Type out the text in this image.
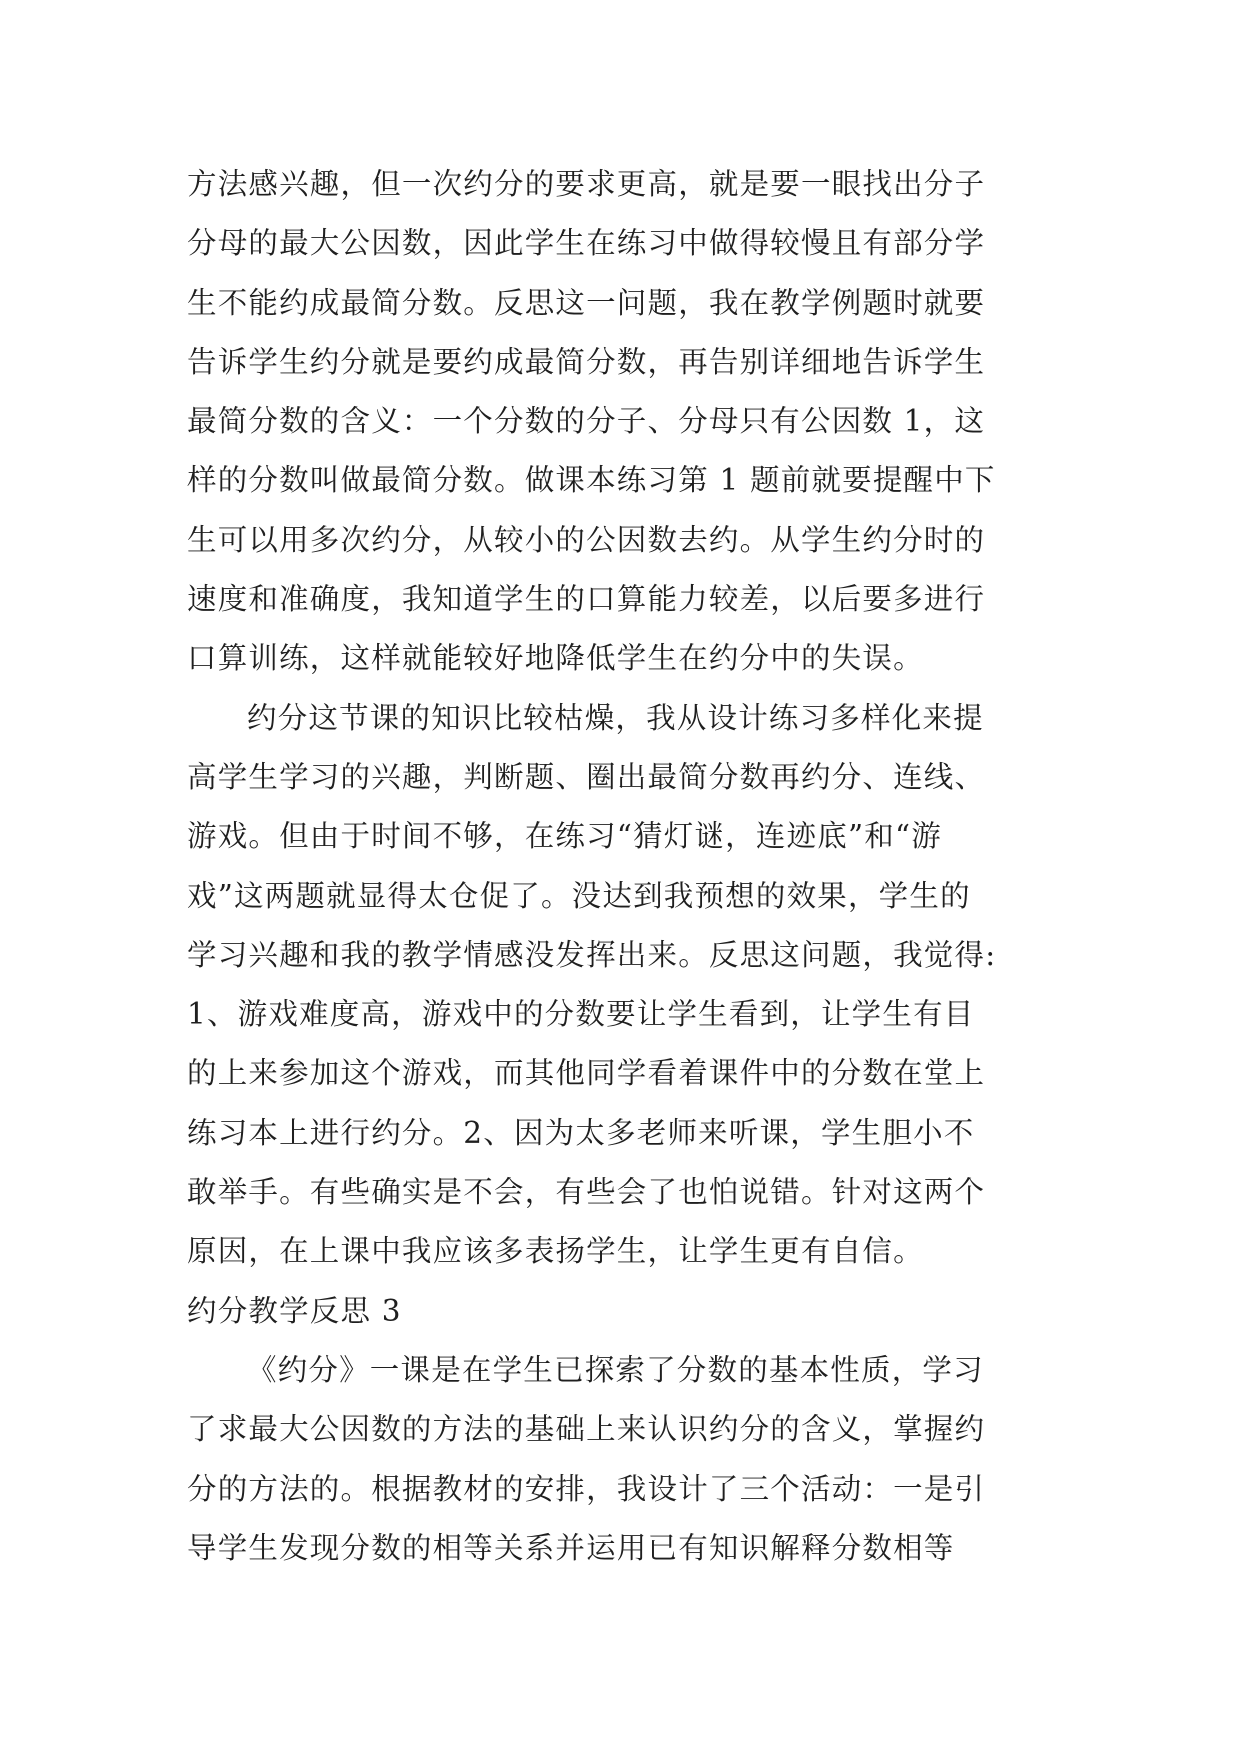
方法感兴趣，但一次约分的要求更高，就是要一眼找出分子
分母的最大公因数，因此学生在练习中做得较慢且有部分学
生不能约成最简分数。反思这一问题，我在教学例题时就要
告诉学生约分就是要约成最简分数，再告别详细地告诉学生
最简分数的含义：一个分数的分子、分母只有公因数 1，这
样的分数叫做最简分数。做课本练习第 1 题前就要提醒中下
生可以用多次约分，从较小的公因数去约。从学生约分时的
速度和准确度，我知道学生的口算能力较差，以后要多进行
口算训练，这样就能较好地降低学生在约分中的失误。
约分这节课的知识比较枯燥，我从设计练习多样化来提
高学生学习的兴趣，判断题、圈出最简分数再约分、连线、
游戏。但由于时间不够，在练习“猜灯谜，连迹底”和“游
戏”这两题就显得太仓促了。没达到我预想的效果，学生的
学习兴趣和我的教学情感没发挥出来。反思这问题，我觉得:
1、游戏难度高，游戏中的分数要让学生看到，让学生有目
的上来参加这个游戏，而其他同学看着课件中的分数在堂上
练习本上进行约分。2、因为太多老师来听课，学生胆小不
敢举手。有些确实是不会，有些会了也怕说错。针对这两个
原因，在上课中我应该多表扬学生，让学生更有自信。
约分教学反思 3
《约分》一课是在学生已探索了分数的基本性质，学习
了求最大公因数的方法的基础上来认识约分的含义，掌握约
分的方法的。根据教材的安排，我设计了三个活动：一是引
导学生发现分数的相等关系并运用已有知识解释分数相等
